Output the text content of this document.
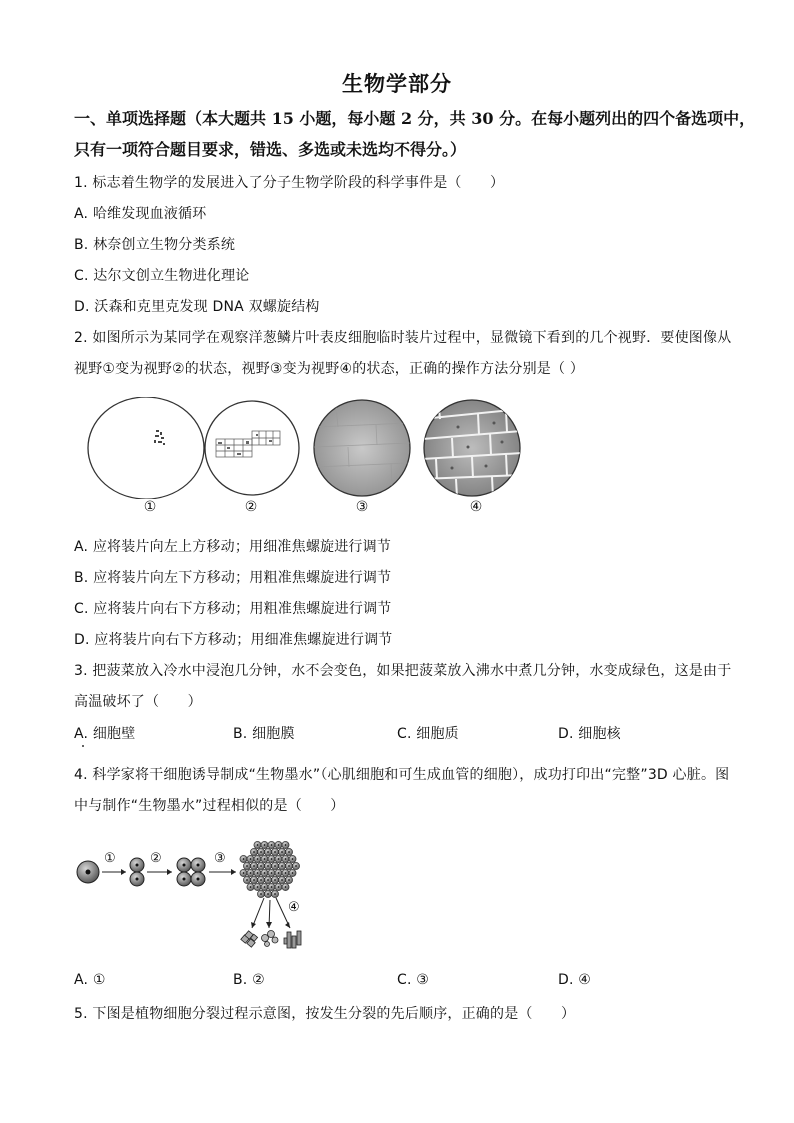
生物学部分
一、单项选择题（本大题共 15 小题，每小题 2 分，共 30 分。在每小题列出的四个备选项中，
只有一项符合题目要求，错选、多选或未选均不得分。）
1. 标志着生物学的发展进入了分子生物学阶段的科学事件是（　　）
A. 哈维发现血液循环
B. 林奈创立生物分类系统
C. 达尔文创立生物进化理论
D. 沃森和克里克发现 DNA 双螺旋结构
2. 如图所示为某同学在观察洋葱鳞片叶表皮细胞临时装片过程中，显微镜下看到的几个视野．要使图像从
视野①变为视野②的状态，视野③变为视野④的状态，正确的操作方法分别是（ ）
①	②	③	④
A. 应将装片向左上方移动；用细准焦螺旋进行调节
B. 应将装片向左下方移动；用粗准焦螺旋进行调节
C. 应将装片向右下方移动；用粗准焦螺旋进行调节
D. 应将装片向右下方移动；用细准焦螺旋进行调节
3. 把菠菜放入冷水中浸泡几分钟，水不会变色，如果把菠菜放入沸水中煮几分钟，水变成绿色，这是由于
高温破坏了（　　）
A. 细胞壁	B. 细胞膜	C. 细胞质	D. 细胞核
4. 科学家将干细胞诱导制成“生物墨水”（心肌细胞和可生成血管的细胞），成功打印出“完整”3D 心脏。图
中与制作“生物墨水”过程相似的是（　　）
①	②	③
④
A. ①	B. ②	C. ③	D. ④
5. 下图是植物细胞分裂过程示意图，按发生分裂的先后顺序，正确的是（　　）
